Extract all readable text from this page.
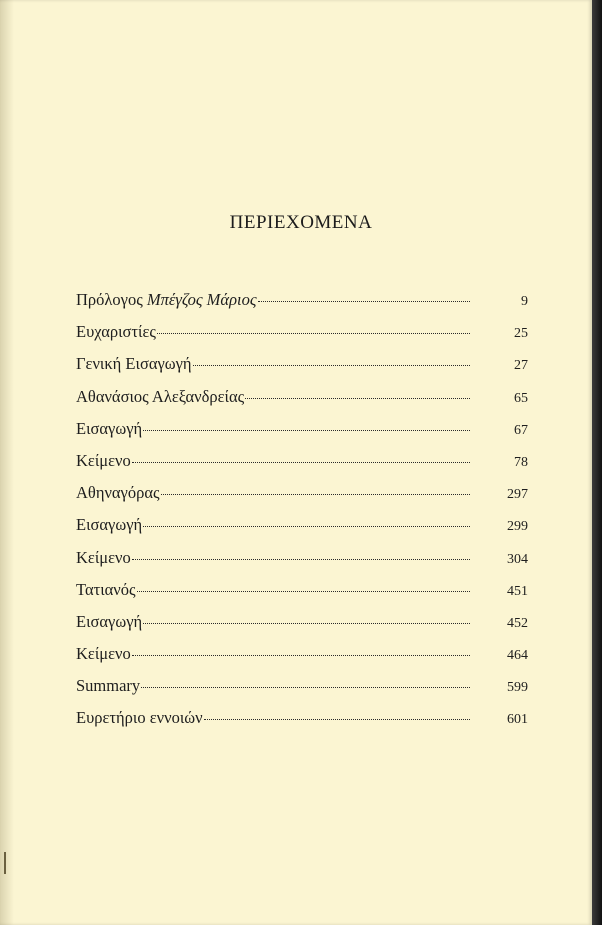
ΠΕΡΙΕΧΟΜΕΝΑ
Πρόλογος Μπέγζος Μάριος	9
Ευχαριστίες	25
Γενική Εισαγωγή	27
Αθανάσιος Αλεξανδρείας	65
Εισαγωγή	67
Κείμενο	78
Αθηναγόρας	297
Εισαγωγή	299
Κείμενο	304
Τατιανός	451
Εισαγωγή	452
Κείμενο	464
Summary	599
Ευρετήριο εννοιών	601
